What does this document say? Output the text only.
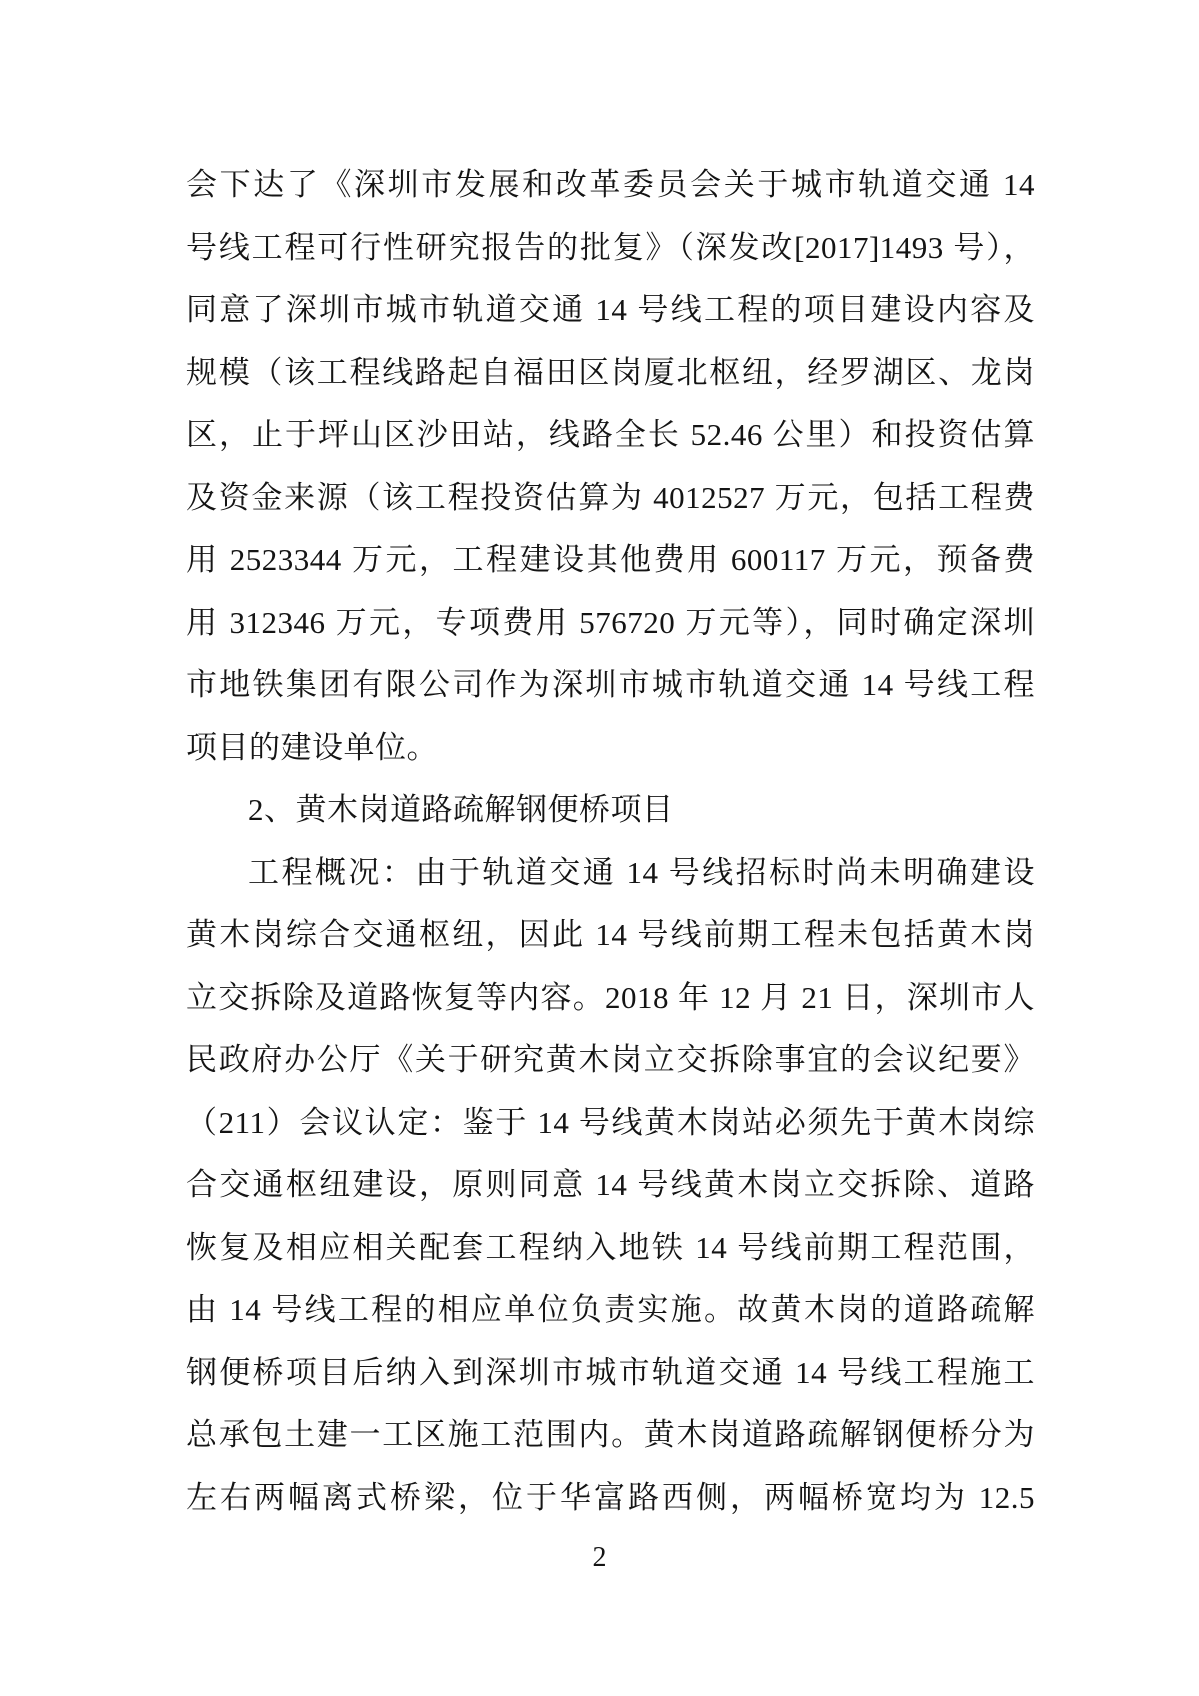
会下达了《深圳市发展和改革委员会关于城市轨道交通 14
号线工程可行性研究报告的批复》（深发改[2017]1493 号），
同意了深圳市城市轨道交通 14 号线工程的项目建设内容及
规模（该工程线路起自福田区岗厦北枢纽，经罗湖区、龙岗
区，止于坪山区沙田站，线路全长 52.46 公里）和投资估算
及资金来源（该工程投资估算为 4012527 万元，包括工程费
用 2523344 万元，工程建设其他费用 600117 万元，预备费
用 312346 万元，专项费用 576720 万元等），同时确定深圳
市地铁集团有限公司作为深圳市城市轨道交通 14 号线工程
项目的建设单位。
2、黄木岗道路疏解钢便桥项目
工程概况：由于轨道交通 14 号线招标时尚未明确建设
黄木岗综合交通枢纽，因此 14 号线前期工程未包括黄木岗
立交拆除及道路恢复等内容。2018 年 12 月 21 日，深圳市人
民政府办公厅《关于研究黄木岗立交拆除事宜的会议纪要》
（211）会议认定：鉴于 14 号线黄木岗站必须先于黄木岗综
合交通枢纽建设，原则同意 14 号线黄木岗立交拆除、道路
恢复及相应相关配套工程纳入地铁 14 号线前期工程范围，
由 14 号线工程的相应单位负责实施。故黄木岗的道路疏解
钢便桥项目后纳入到深圳市城市轨道交通 14 号线工程施工
总承包土建一工区施工范围内。黄木岗道路疏解钢便桥分为
左右两幅离式桥梁，位于华富路西侧，两幅桥宽均为 12.5
2
